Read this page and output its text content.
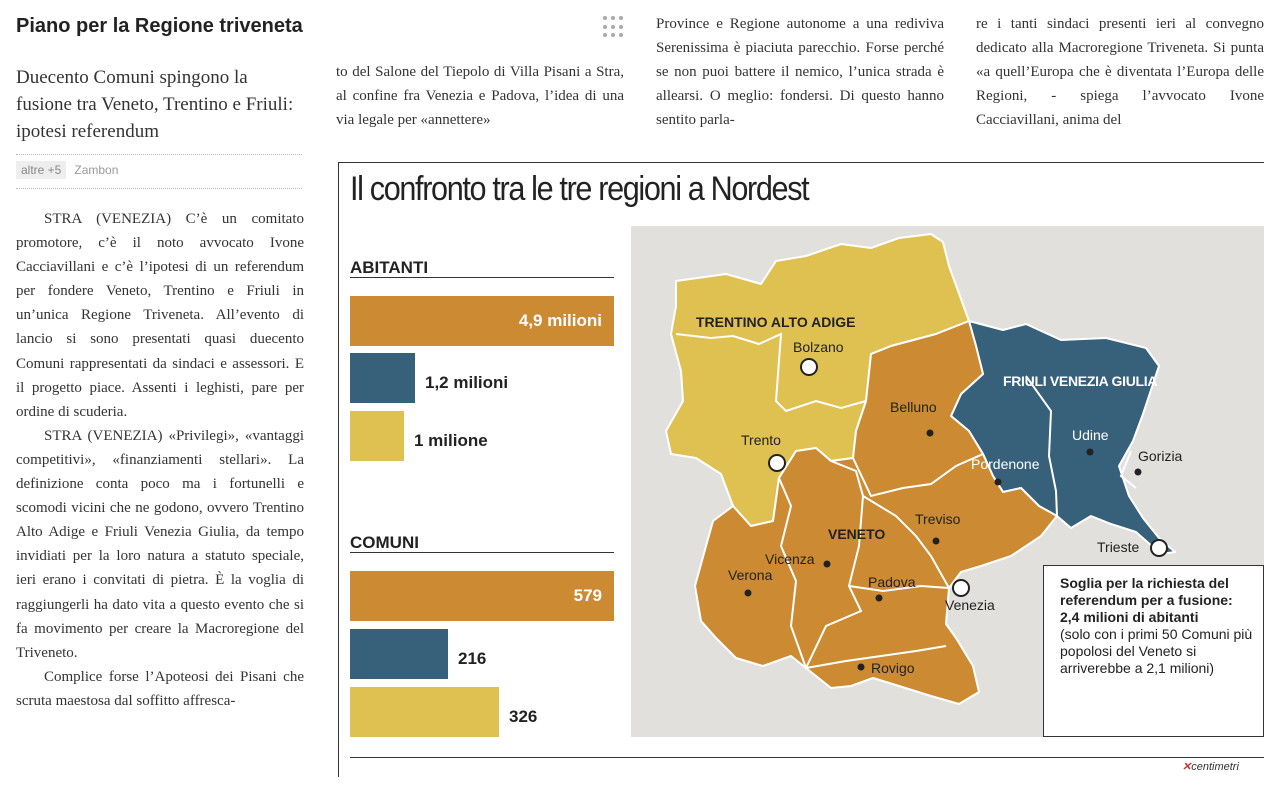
Piano per la Regione triveneta
Duecento Comuni spingono la fusione tra Veneto, Trentino e Friuli: ipotesi referendum
altre +5	Zambon

STRA (VENEZIA) C’è un comitato promotore, c’è il noto avvocato Ivone Cacciavillani e c’è l’ipotesi di un referendum per fondere Veneto, Trentino e Friuli in un’unica Regione Triveneta. All’evento di lancio si sono presentati quasi duecento Comuni rappresentati da sindaci e assessori. E il progetto piace. Assenti i leghisti, pare per ordine di scuderia.

STRA (VENEZIA) «Privilegi», «vantaggi competitivi», «finanziamenti stellari». La definizione conta poco ma i fortunelli e scomodi vicini che ne godono, ovvero Trentino Alto Adige e Friuli Venezia Giulia, da tempo invidiati per la loro natura a statuto speciale, ieri erano i convitati di pietra. È la voglia di raggiungerli ha dato vita a questo evento che si fa movimento per creare la Macroregione del Triveneto.

Complice forse l’Apoteosi dei Pisani che scruta maestosa dal soffitto affresca-

to del Salone del Tiepolo di Villa Pisani a Stra, al confine fra Venezia e Padova, l’idea di una via legale per «annettere»
Province e Regione autonome a una rediviva Serenissima è piaciuta parecchio. Forse perché se non puoi battere il nemico, l’unica strada è allearsi. O meglio: fondersi. Di questo hanno sentito parla-
re i tanti sindaci presenti ieri al convegno dedicato alla Macroregione Triveneta. Si punta «a quell’Europa che è diventata l’Europa delle Regioni, - spiega l’avvocato Ivone Cacciavillani, anima del
Il confronto tra le tre regioni a Nordest
ABITANTI
4,9 milioni
1,2 milioni
1 milione
COMUNI
579
216
326
TRENTINO ALTO ADIGE
FRIULI VENEZIA GIULIA
VENETO
Bolzano
Trento
Belluno
Pordenone
Udine
Gorizia
Trieste
Treviso
Vicenza
Verona	Padova
Venezia
Rovigo
Soglia per la richiesta del referendum per a fusione: 2,4 milioni di abitanti
(solo con i primi 50 Comuni più popolosi del Veneto si arriverebbe a 2,1 milioni)
✕centimetri
